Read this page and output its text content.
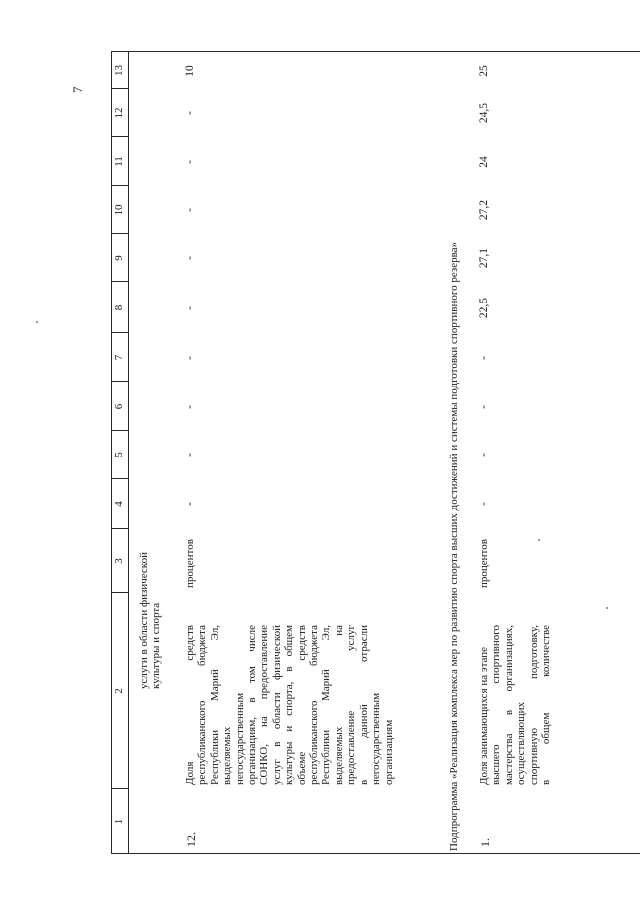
7
1
2
3
4
5
6
7
8
9
10
11
12
13
услуги в области физической культуры и спорта
12.
Доля средств республиканского бюджета Республики Марий Эл, выделяемых негосударственным организациям, в том числе СОНКО, на предоставление услуг в области физической культуры и спорта, в общем объеме средств республиканского бюджета Республики Марий Эл, выделяемых на предоставление услуг в данной отрасли негосударственным организациям
процентов
-
-
-
-
-
-
-
-
-
10
Подпрограмма «Реализация комплекса мер по развитию спорта высших достижений и системы подготовки спортивного резерва» 1.
Доля занимающихся на этапе высшего спортивного мастерства в организациях, осуществляющих спортивную подготовку, в общем количестве
процентов
-
-
-
-
22,5
27,1
27,2
24
24,5
25
